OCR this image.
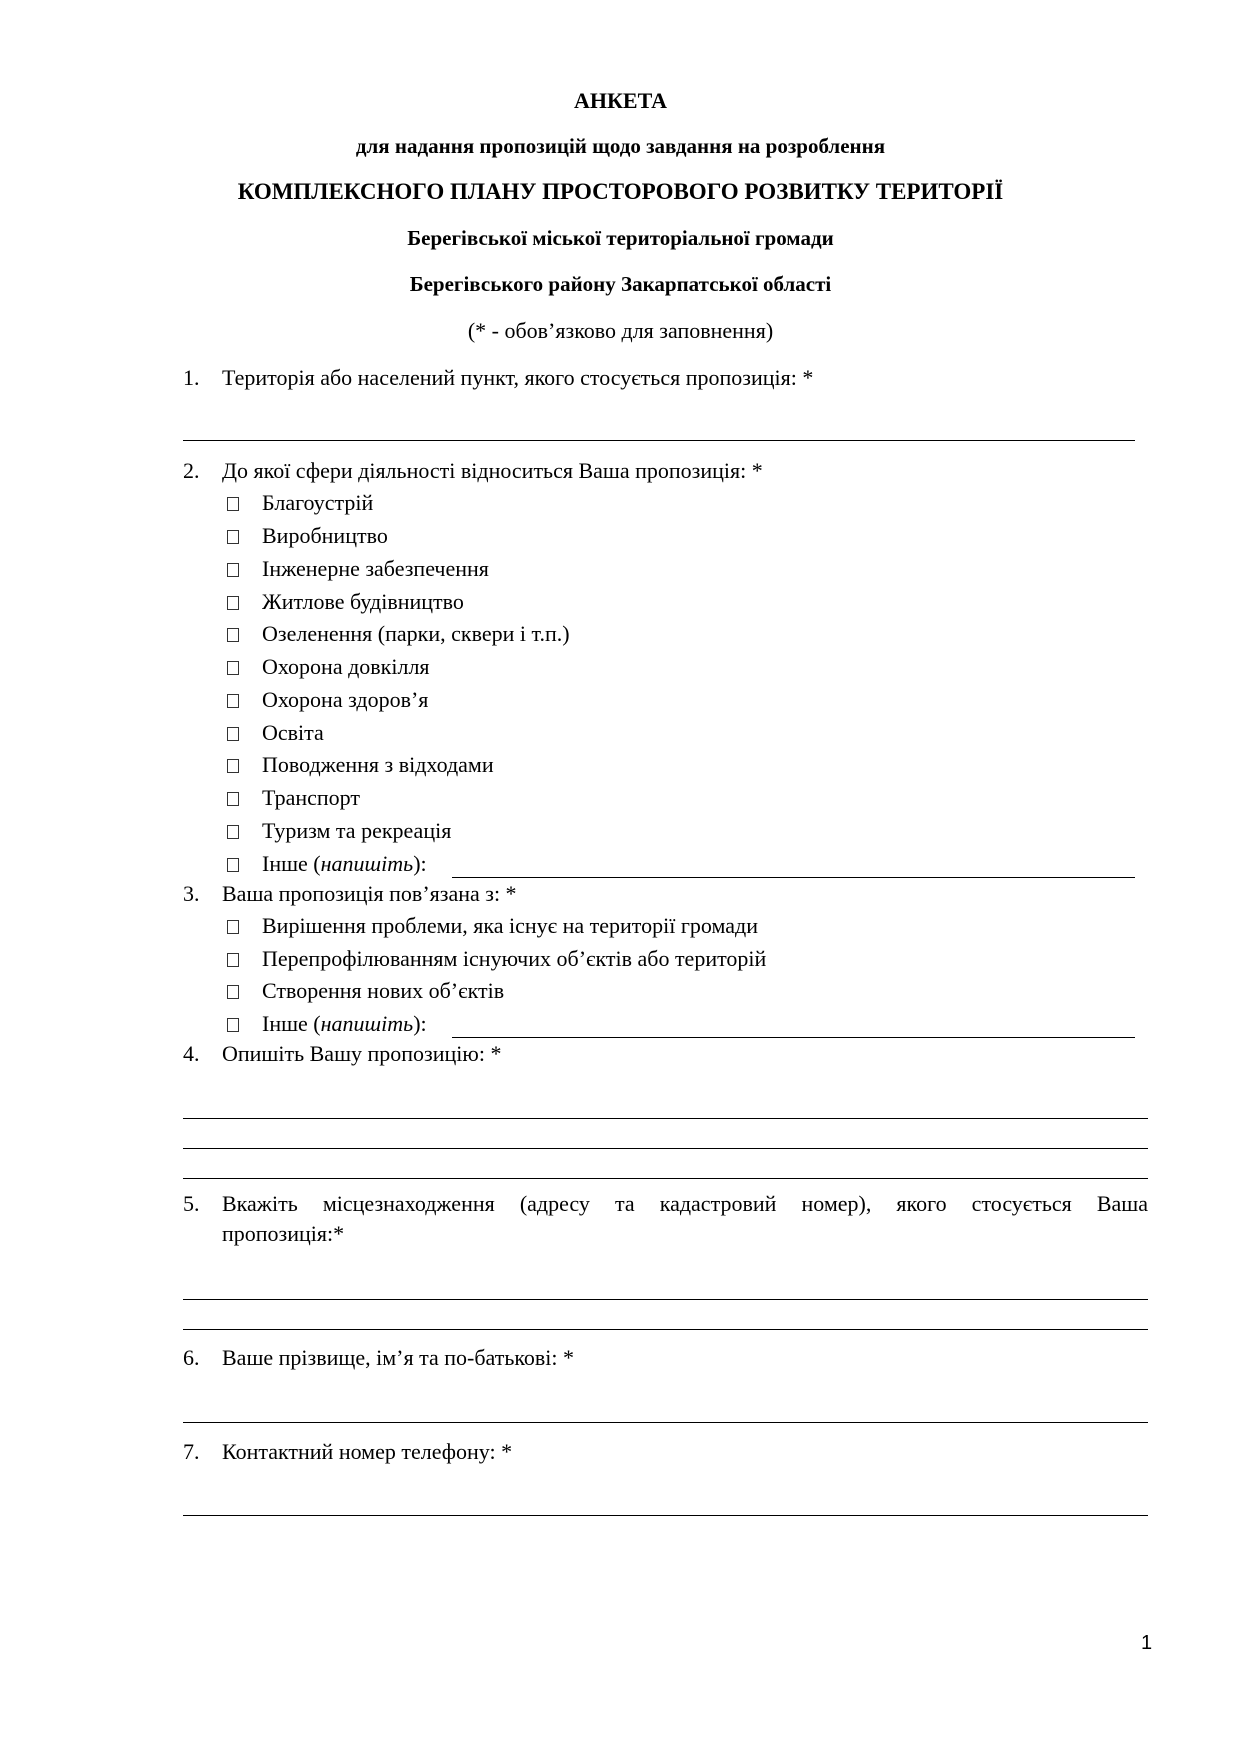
АНКЕТА
для надання пропозицій щодо завдання на розроблення
КОМПЛЕКСНОГО ПЛАНУ ПРОСТОРОВОГО РОЗВИТКУ ТЕРИТОРІЇ
Берегівської міської територіальної громади
Берегівського району Закарпатської області
(* - обов’язково для заповнення)
1. Територія або населений пункт, якого стосується пропозиція: *
2. До якої сфери діяльності відноситься Ваша пропозиція: *
Благоустрій
Виробництво
Інженерне забезпечення
Житлове будівництво
Озеленення (парки, сквери і т.п.)
Охорона довкілля
Охорона здоров’я
Освіта
Поводження з відходами
Транспорт
Туризм та рекреація
Інше (напишіть):
3. Ваша пропозиція пов’язана з: *
Вирішення проблеми, яка існує на території громади
Перепрофілюванням існуючих об’єктів або територій
Створення нових об’єктів
Інше (напишіть):
4. Опишіть Вашу пропозицію: *
5. Вкажіть місцезнаходження (адресу та кадастровий номер), якого стосується Ваша
пропозиція:*
6. Ваше прізвище, ім’я та по-батькові: *
7. Контактний номер телефону: *
1
